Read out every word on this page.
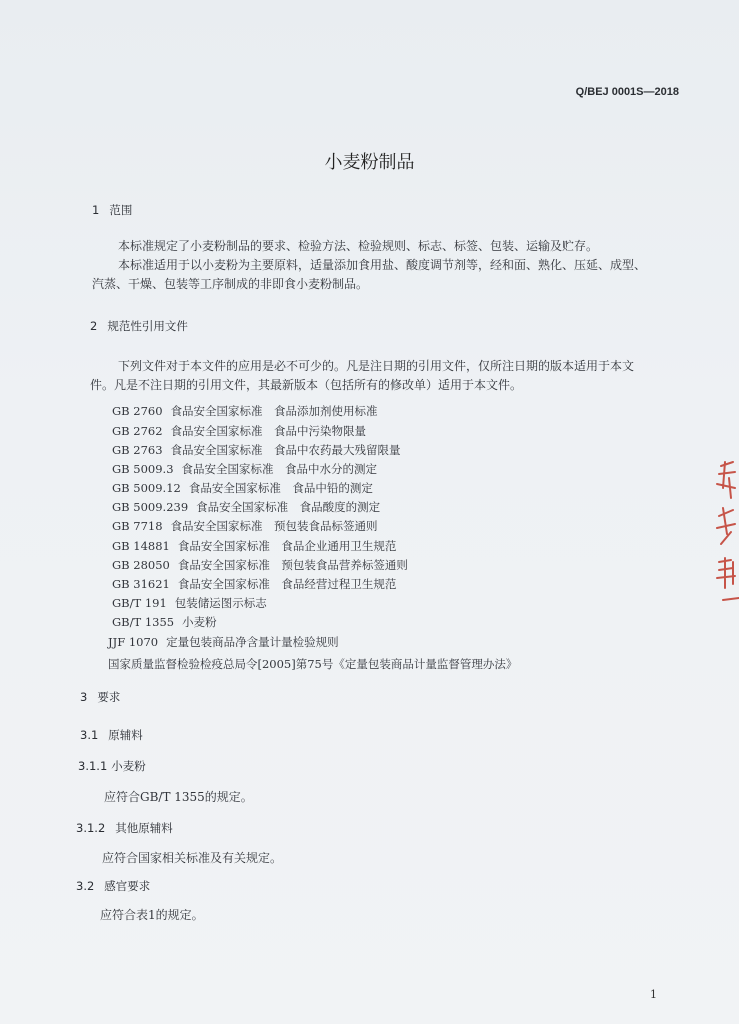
Q/BEJ 0001S—2018
小麦粉制品
1 范围
本标准规定了小麦粉制品的要求、检验方法、检验规则、标志、标签、包装、运输及贮存。
本标准适用于以小麦粉为主要原料，适量添加食用盐、酸度调节剂等，经和面、熟化、压延、成型、
汽蒸、干燥、包装等工序制成的非即食小麦粉制品。
2 规范性引用文件
下列文件对于本文件的应用是必不可少的。凡是注日期的引用文件，仅所注日期的版本适用于本文
件。凡是不注日期的引用文件，其最新版本（包括所有的修改单）适用于本文件。
GB 2760 食品安全国家标准　食品添加剂使用标准
GB 2762 食品安全国家标准　食品中污染物限量
GB 2763 食品安全国家标准　食品中农药最大残留限量
GB 5009.3 食品安全国家标准　食品中水分的测定
GB 5009.12 食品安全国家标准　食品中铅的测定
GB 5009.239 食品安全国家标准　食品酸度的测定
GB 7718 食品安全国家标准　预包装食品标签通则
GB 14881 食品安全国家标准　食品企业通用卫生规范
GB 28050 食品安全国家标准　预包装食品营养标签通则
GB 31621 食品安全国家标准　食品经营过程卫生规范
GB/T 191 包装储运图示标志
GB/T 1355 小麦粉
JJF 1070 定量包装商品净含量计量检验规则
国家质量监督检验检疫总局令[2005]第75号《定量包装商品计量监督管理办法》
3 要求
3.1 原辅料
3.1.1 小麦粉
应符合GB/T 1355的规定。
3.1.2 其他原辅料
应符合国家相关标准及有关规定。
3.2 感官要求
应符合表1的规定。
1
